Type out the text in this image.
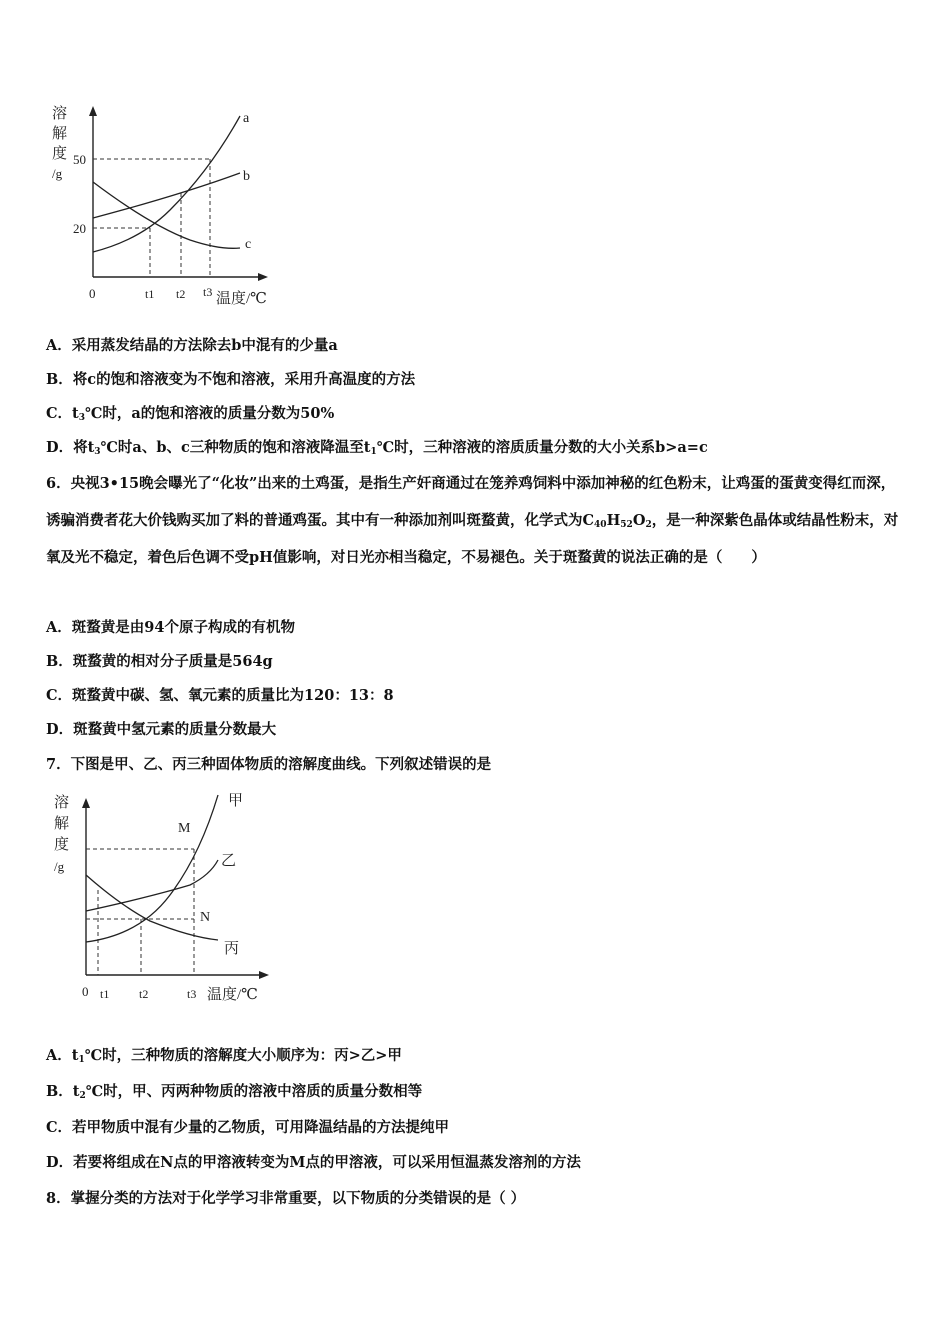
溶
解
度
/g
50
20
0	t1 t2 t3 温度/℃
a
b
c
A．采用蒸发结晶的方法除去b中混有的少量a
B．将c的饱和溶液变为不饱和溶液，采用升高温度的方法
C．$t_3℃$时，a的饱和溶液的质量分数为50%
D．将$t_3℃$时a、b、c三种物质的饱和溶液降温至$t_1℃$时，三种溶液的溶质质量分数的大小关系b>a=c
6．央视3•15晚会曝光了“化妆”出来的土鸡蛋，是指生产奸商通过在笼养鸡饲料中添加神秘的红色粉末，让鸡蛋的蛋黄变得红而深，诱骗消费者花大价钱购买加了料的普通鸡蛋。其中有一种添加剂叫斑蝥黄，化学式为$C_{40}H_{52}O_2$，是一种深紫色晶体或结晶性粉末，对氧及光不稳定，着色后色调不受pH值影响，对日光亦相当稳定，不易褪色。关于斑蝥黄的说法正确的是（　　）
A．斑蝥黄是由94个原子构成的有机物
B．斑蝥黄的相对分子质量是564g
C．斑蝥黄中碳、氢、氧元素的质量比为120：13：8
D．斑蝥黄中氢元素的质量分数最大
7．下图是甲、乙、丙三种固体物质的溶解度曲线。下列叙述错误的是
溶
解
度
/g
0 t1 t2	t3 温度/℃
甲
乙
丙
M
N
A．$t_1℃$时，三种物质的溶解度大小顺序为：丙>乙>甲
B．$t_2℃$时，甲、丙两种物质的溶液中溶质的质量分数相等
C．若甲物质中混有少量的乙物质，可用降温结晶的方法提纯甲
D．若要将组成在N点的甲溶液转变为M点的甲溶液，可以采用恒温蒸发溶剂的方法
8．掌握分类的方法对于化学学习非常重要，以下物质的分类错误的是（ ）
